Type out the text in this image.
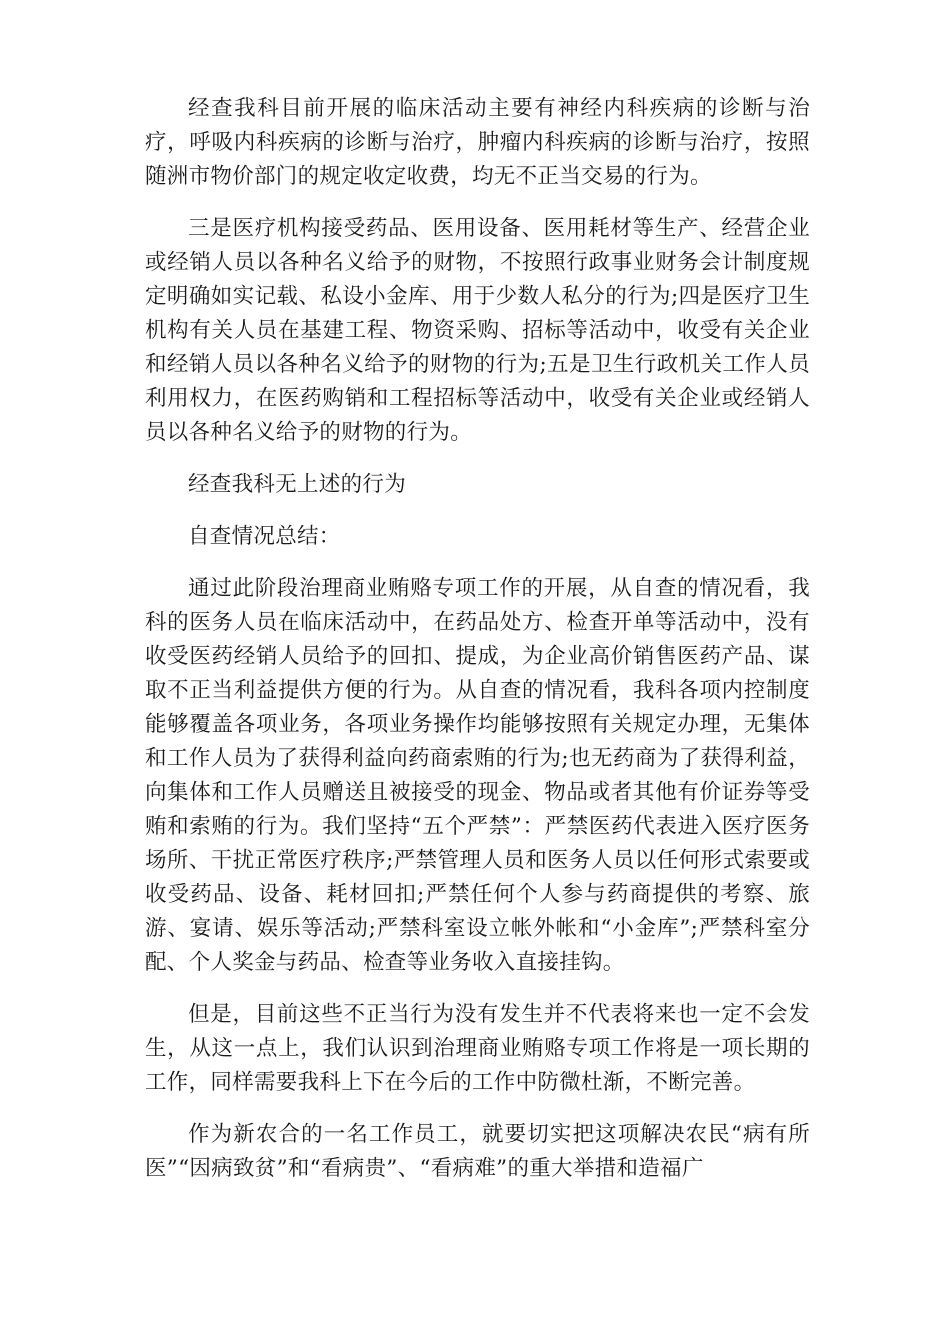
经查我科目前开展的临床活动主要有神经内科疾病的诊断与治疗，呼吸内科疾病的诊断与治疗，肿瘤内科疾病的诊断与治疗，按照随洲市物价部门的规定收定收费，均无不正当交易的行为。

三是医疗机构接受药品、医用设备、医用耗材等生产、经营企业或经销人员以各种名义给予的财物，不按照行政事业财务会计制度规定明确如实记载、私设小金库、用于少数人私分的行为;四是医疗卫生机构有关人员在基建工程、物资采购、招标等活动中，收受有关企业和经销人员以各种名义给予的财物的行为;五是卫生行政机关工作人员利用权力，在医药购销和工程招标等活动中，收受有关企业或经销人员以各种名义给予的财物的行为。

经查我科无上述的行为

自查情况总结：

通过此阶段治理商业贿赂专项工作的开展，从自查的情况看，我科的医务人员在临床活动中，在药品处方、检查开单等活动中，没有收受医药经销人员给予的回扣、提成，为企业高价销售医药产品、谋取不正当利益提供方便的行为。从自查的情况看，我科各项内控制度能够覆盖各项业务，各项业务操作均能够按照有关规定办理，无集体和工作人员为了获得利益向药商索贿的行为;也无药商为了获得利益，向集体和工作人员赠送且被接受的现金、物品或者其他有价证券等受贿和索贿的行为。我们坚持“五个严禁”：严禁医药代表进入医疗医务场所、干扰正常医疗秩序;严禁管理人员和医务人员以任何形式索要或收受药品、设备、耗材回扣;严禁任何个人参与药商提供的考察、旅游、宴请、娱乐等活动;严禁科室设立帐外帐和“小金库”;严禁科室分配、个人奖金与药品、检查等业务收入直接挂钩。

但是，目前这些不正当行为没有发生并不代表将来也一定不会发生，从这一点上，我们认识到治理商业贿赂专项工作将是一项长期的工作，同样需要我科上下在今后的工作中防微杜渐，不断完善。

作为新农合的一名工作员工，就要切实把这项解决农民“病有所医”“因病致贫”和“看病贵”、“看病难”的重大举措和造福广
